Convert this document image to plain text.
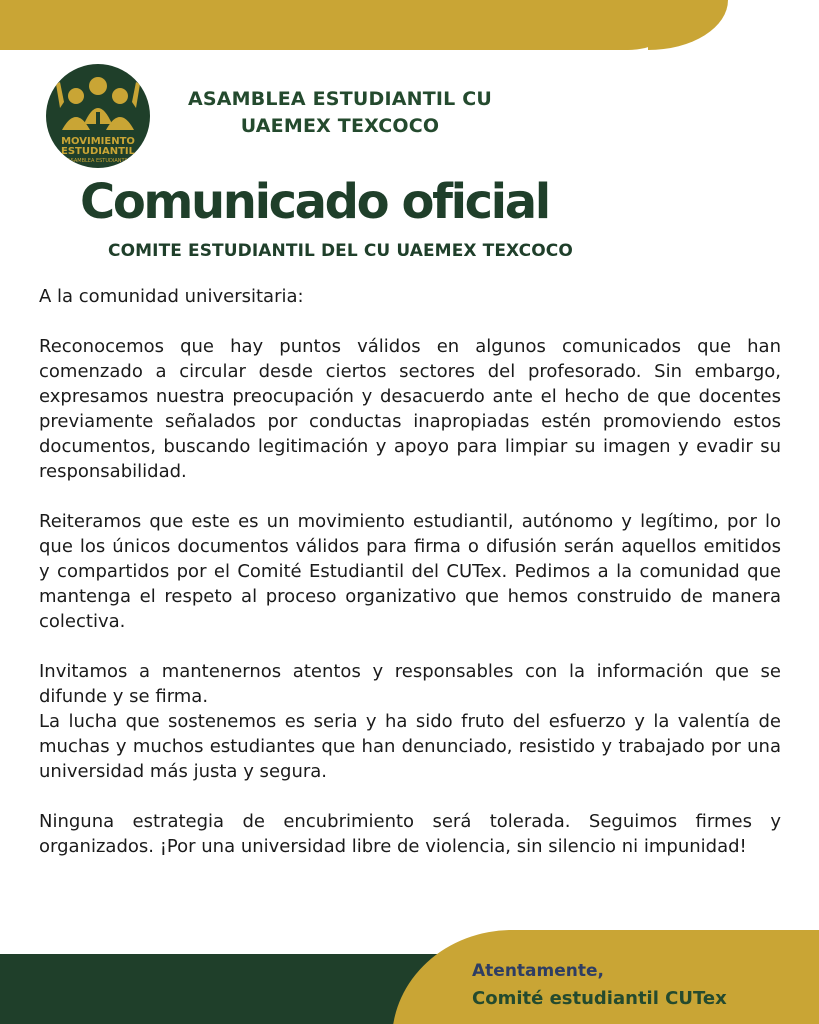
MOVIMIENTO
ESTUDIANTIL
ASAMBLEA ESTUDIANTIL
ASAMBLEA ESTUDIANTIL CU
UAEMEX TEXCOCO
Comunicado oficial
COMITE ESTUDIANTIL DEL CU UAEMEX TEXCOCO

A la comunidad universitaria:

Reconocemos que hay puntos válidos en algunos comunicados que han comenzado a circular desde ciertos sectores del profesorado. Sin embargo, expresamos nuestra preocupación y desacuerdo ante el hecho de que docentes previamente señalados por conductas inapropiadas estén promoviendo estos documentos, buscando legitimación y apoyo para limpiar su imagen y evadir su responsabilidad.

Reiteramos que este es un movimiento estudiantil, autónomo y legítimo, por lo que los únicos documentos válidos para firma o difusión serán aquellos emitidos y compartidos por el Comité Estudiantil del CUTex. Pedimos a la comunidad que mantenga el respeto al proceso organizativo que hemos construido de manera colectiva.

Invitamos a mantenernos atentos y responsables con la información que se difunde y se firma.

La lucha que sostenemos es seria y ha sido fruto del esfuerzo y la valentía de muchas y muchos estudiantes que han denunciado, resistido y trabajado por una universidad más justa y segura.

Ninguna estrategia de encubrimiento será tolerada. Seguimos firmes y organizados. ¡Por una universidad libre de violencia, sin silencio ni impunidad!

Atentamente,
Comité estudiantil CUTex
